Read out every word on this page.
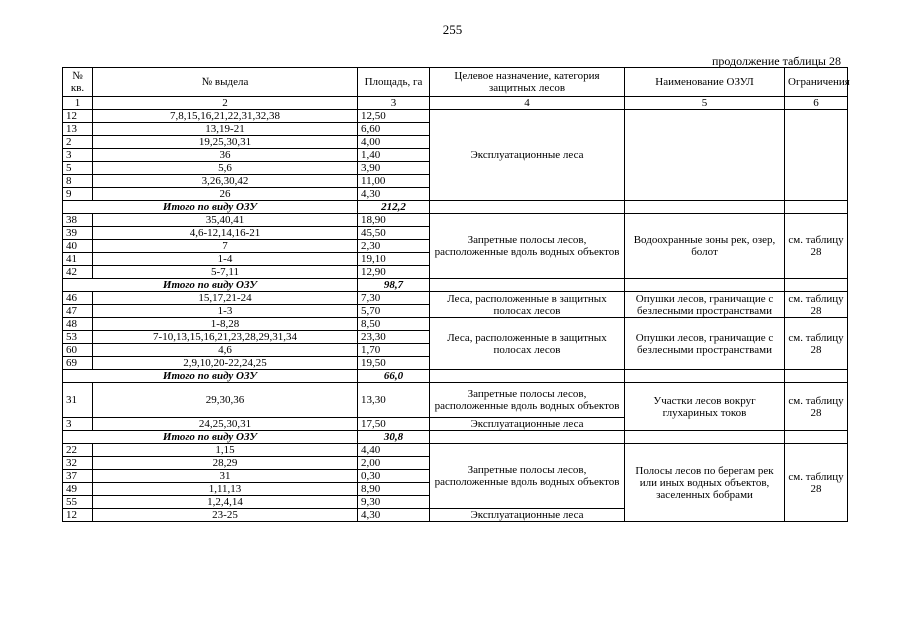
255
продолжение таблицы 28
№ кв.	№ выдела	Площадь, га	Целевое назначение, категория защитных лесов	Наименование ОЗУЛ	Ограничения
1	2	3	4	5	6
12	7,8,15,16,21,22,31,32,38	12,50	Эксплуатационные леса		
13	13,19-21	6,60			
2	19,25,30,31	4,00			
3	36	1,40			
5	5,6	3,90			
8	3,26,30,42	11,00			
9	26	4,30			
Итого по виду ОЗУ		212,2			
38	35,40,41	18,90	Запретные полосы лесов, расположенные вдоль водных объектов	Водоохранные зоны рек, озер, болот	см. таблицу 28
39	4,6-12,14,16-21	45,50			
40	7	2,30			
41	1-4	19,10			
42	5-7,11	12,90			
Итого по виду ОЗУ		98,7			
46	15,17,21-24	7,30	Леса, расположенные в защитных полосах лесов	Опушки лесов, граничащие с безлесными пространствами	см. таблицу 28
47	1-3	5,70			
48	1-8,28	8,50	Леса, расположенные в защитных полосах лесов	Опушки лесов, граничащие с безлесными пространствами	см. таблицу 28
53	7-10,13,15,16,21,23,28,29,31,34	23,30			
60	4,6	1,70			
69	2,9,10,20-22,24,25	19,50			
Итого по виду ОЗУ		66,0			
31	29,30,36	13,30	Запретные полосы лесов, расположенные вдоль водных объектов	Участки лесов вокруг глухариных токов	см. таблицу 28
3	24,25,30,31	17,50	Эксплуатационные леса		
Итого по виду ОЗУ		30,8			
22	1,15	4,40	Запретные полосы лесов, расположенные вдоль водных объектов	Полосы лесов по берегам рек или иных водных объектов, заселенных бобрами	см. таблицу 28
32	28,29	2,00			
37	31	0,30			
49	1,11,13	8,90			
55	1,2,4,14	9,30			
12	23-25	4,30	Эксплуатационные леса		
